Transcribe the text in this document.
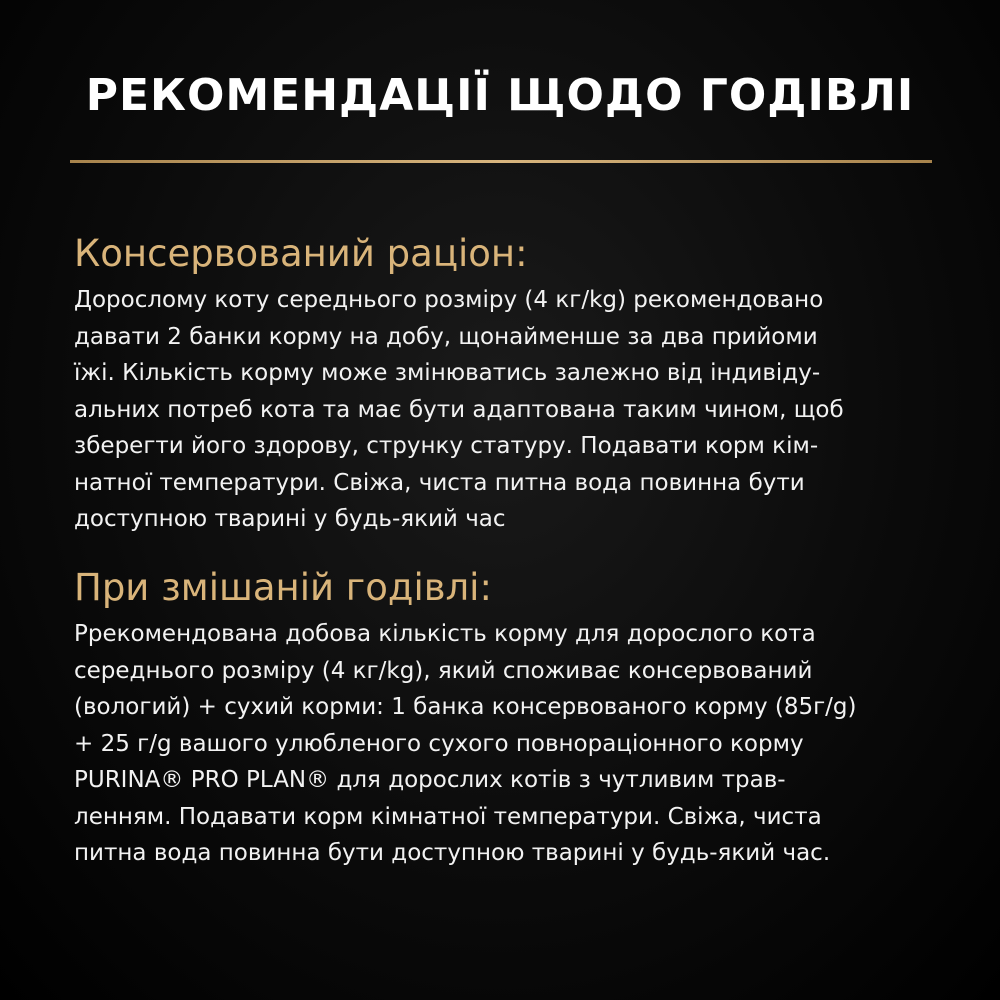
РЕКОМЕНДАЦІЇ ЩОДО ГОДІВЛІ
Консервований раціон:
Дорослому коту середнього розміру (4 кг/kg) рекомендовано
давати 2 банки корму на добу, щонайменше за два прийоми
їжі. Кількість корму може змінюватись залежно від індивіду-
альних потреб кота та має бути адаптована таким чином, щоб
зберегти його здорову, струнку статуру. Подавати корм кім-
натної температури. Свіжа, чиста питна вода повинна бути
доступною тварині у будь-який час
При змішаній годівлі:
Ррекомендована добова кількість корму для дорослого кота
середнього розміру (4 кг/kg), який споживає консервований
(вологий) + сухий корми: 1 банка консервованого корму (85г/g)
+ 25 г/g вашого улюбленого сухого повнораціонного корму
PURINA® PRO PLAN® для дорослих котів з чутливим трав-
ленням. Подавати корм кімнатної температури. Свіжа, чиста
питна вода повинна бути доступною тварині у будь-який час.
